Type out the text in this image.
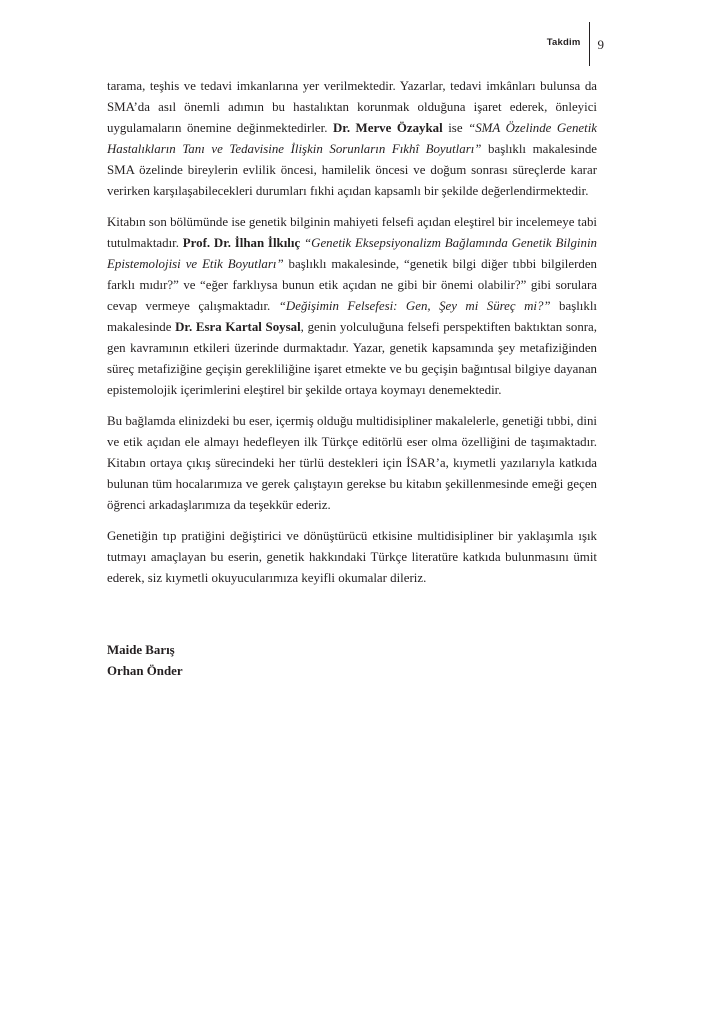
Takdim 9

tarama, teşhis ve tedavi imkanlarına yer verilmektedir. Yazarlar, tedavi imkânları bulunsa da SMA’da asıl önemli adımın bu hastalıktan korunmak olduğuna işaret ederek, önleyici uygulamaların önemine değinmektedirler. Dr. Merve Özaykal ise “SMA Özelinde Genetik Hastalıkların Tanı ve Tedavisine İlişkin Sorunların Fıkhî Boyutları” başlıklı makalesinde SMA özelinde bireylerin evlilik öncesi, hamilelik öncesi ve doğum sonrası süreçlerde karar verirken karşılaşabilecekleri durumları fıkhi açıdan kapsamlı bir şekilde değerlendirmektedir.

Kitabın son bölümünde ise genetik bilginin mahiyeti felsefi açıdan eleştirel bir incelemeye tabi tutulmaktadır. Prof. Dr. İlhan İlkılıç “Genetik Eksepsiyonalizm Bağlamında Genetik Bilginin Epistemolojisi ve Etik Boyutları” başlıklı makalesinde, “genetik bilgi diğer tıbbi bilgilerden farklı mıdır?” ve “eğer farklıysa bunun etik açıdan ne gibi bir önemi olabilir?” gibi sorulara cevap vermeye çalışmaktadır. “Değişimin Felsefesi: Gen, Şey mi Süreç mi?” başlıklı makalesinde Dr. Esra Kartal Soysal, genin yolculuğuna felsefi perspektiften baktıktan sonra, gen kavramının etkileri üzerinde durmaktadır. Yazar, genetik kapsamında şey metafiziğinden süreç metafiziğine geçişin gerekliliğine işaret etmekte ve bu geçişin bağıntısal bilgiye dayanan epistemolojik içerimlerini eleştirel bir şekilde ortaya koymayı denemektedir.

Bu bağlamda elinizdeki bu eser, içermiş olduğu multidisipliner makalelerle, genetiği tıbbi, dini ve etik açıdan ele almayı hedefleyen ilk Türkçe editörlü eser olma özelliğini de taşımaktadır. Kitabın ortaya çıkış sürecindeki her türlü destekleri için İSAR’a, kıymetli yazılarıyla katkıda bulunan tüm hocalarımıza ve gerek çalıştayın gerekse bu kitabın şekillenmesinde emeği geçen öğrenci arkadaşlarımıza da teşekkür ederiz.

Genetiğin tıp pratiğini değiştirici ve dönüştürücü etkisine multidisipliner bir yaklaşımla ışık tutmayı amaçlayan bu eserin, genetik hakkındaki Türkçe literatüre katkıda bulunmasını ümit ederek, siz kıymetli okuyucularımıza keyifli okumalar dileriz.

Maide Barış
Orhan Önder
